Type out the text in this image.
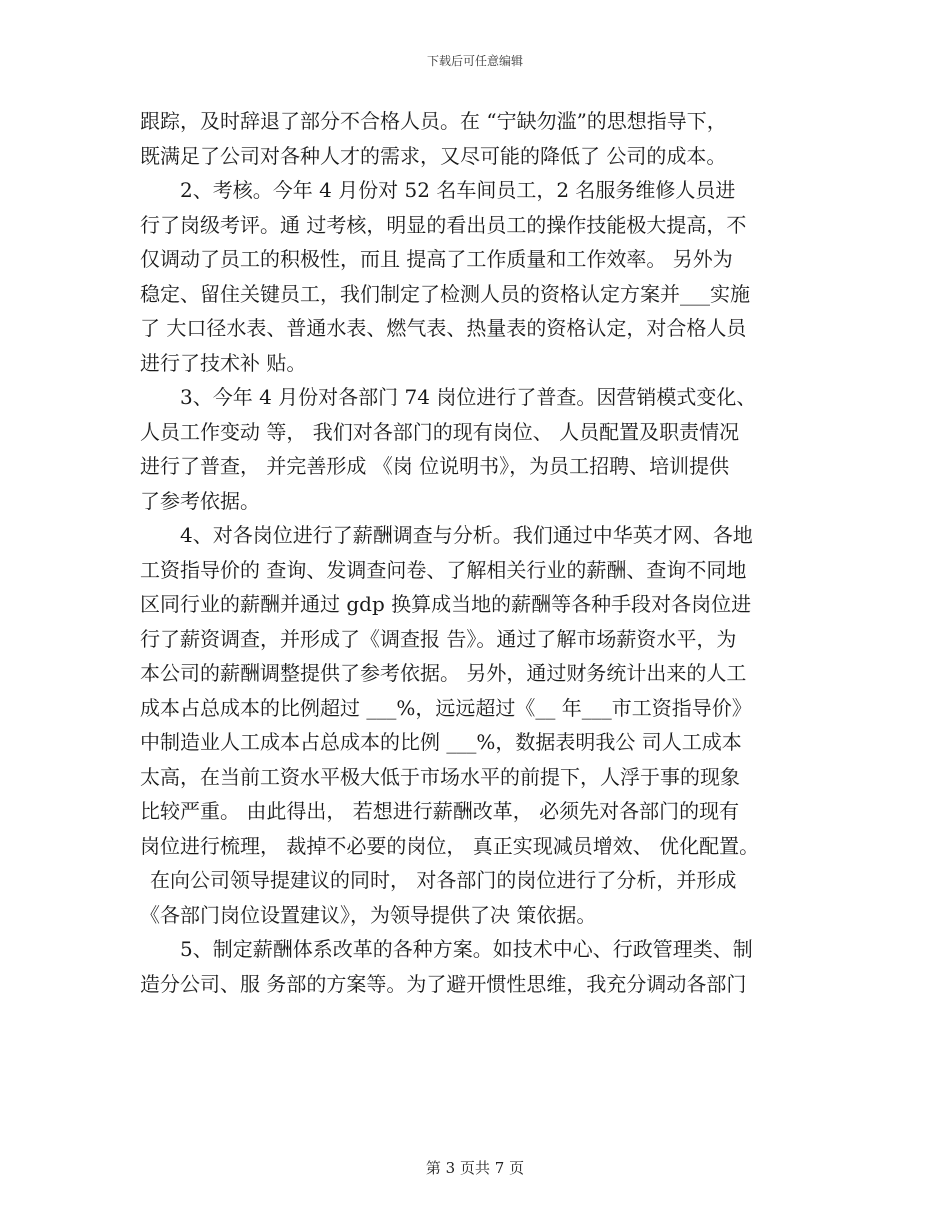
下载后可任意编辑
跟踪，及时辞退了部分不合格人员。在 “宁缺勿滥”的思想指导下，
既满足了公司对各种人才的需求，又尽可能的降低了 公司的成本。
2、考核。今年 4 月份对 52 名车间员工，2 名服务维修人员进
行了岗级考评。通 过考核，明显的看出员工的操作技能极大提高，不
仅调动了员工的积极性，而且 提高了工作质量和工作效率。 另外为
稳定、留住关键员工，我们制定了检测人员的资格认定方案并___实施
了 大口径水表、普通水表、燃气表、热量表的资格认定，对合格人员
进行了技术补 贴。
3、今年 4 月份对各部门 74 岗位进行了普查。因营销模式变化、
人员工作变动 等， 我们对各部门的现有岗位、 人员配置及职责情况
进行了普查， 并完善形成 《岗 位说明书》，为员工招聘、培训提供
了参考依据。
4、对各岗位进行了薪酬调查与分析。我们通过中华英才网、各地
工资指导价的 查询、发调查问卷、了解相关行业的薪酬、查询不同地
区同行业的薪酬并通过 gdp 换算成当地的薪酬等各种手段对各岗位进
行了薪资调查，并形成了《调查报 告》。通过了解市场薪资水平，为
本公司的薪酬调整提供了参考依据。 另外，通过财务统计出来的人工
成本占总成本的比例超过 ___%，远远超过《__ 年___市工资指导价》
中制造业人工成本占总成本的比例 ___%，数据表明我公 司人工成本
太高，在当前工资水平极大低于市场水平的前提下，人浮于事的现象
比较严重。 由此得出， 若想进行薪酬改革， 必须先对各部门的现有
岗位进行梳理， 裁掉不必要的岗位， 真正实现减员增效、 优化配置。
在向公司领导提建议的同时， 对各部门的岗位进行了分析，并形成
《各部门岗位设置建议》，为领导提供了决 策依据。
5、制定薪酬体系改革的各种方案。如技术中心、行政管理类、制
造分公司、服 务部的方案等。为了避开惯性思维，我充分调动各部门
第 3 页共 7 页
